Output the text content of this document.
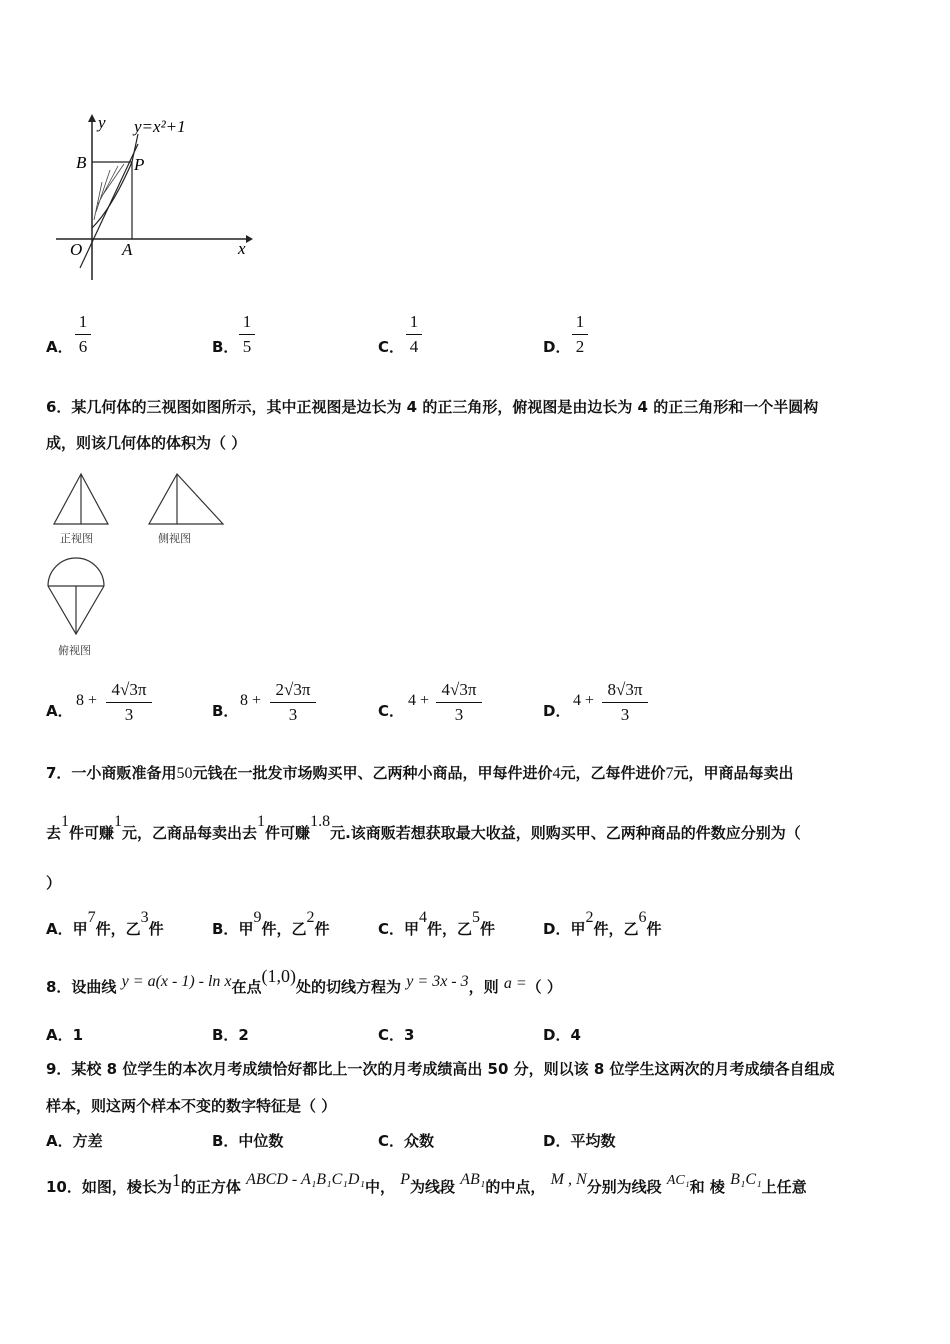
y y=x²+1
B	P
O A	x
A．
1
6	B．
1
5	C．
1
4	D．
1
2
6．某几何体的三视图如图所示，其中正视图是边长为 4 的正三角形，俯视图是由边长为 4 的正三角形和一个半圆构
成，则该几何体的体积为（ ）
正视图	侧视图
俯视图
A．
8 +
4√3π
3	B．
8 +
2√3π
3	C．
4 +
4√3π
3	D．
4 +
8√3π
3
7．一小商贩准备用50元钱在一批发市场购买甲、乙两种小商品，甲每件进价4元，乙每件进价7元，甲商品每卖出
去1件可赚1元，乙商品每卖出去1件可赚1.8元.该商贩若想获取最大收益，则购买甲、乙两种商品的件数应分别为（
）
A．甲7件，乙3件	B．甲9件，乙2件	C．甲4件，乙5件	D．甲2件，乙6件
8．设曲线 y = a(x - 1) - ln x在点(1,0)处的切线方程为 y = 3x - 3，则 a =（ ）
A．1	B．2	C．3	D．4
9．某校 8 位学生的本次月考成绩恰好都比上一次的月考成绩高出 50 分，则以该 8 位学生这两次的月考成绩各自组成
样本，则这两个样本不变的数字特征是（ ）
A．方差	B．中位数	C．众数	D．平均数
10．如图，棱长为1的正方体 ABCD - A₁B₁C₁D₁中， P为线段 AB₁的中点， M , N分别为线段 AC₁和 棱 B₁C₁上任意
